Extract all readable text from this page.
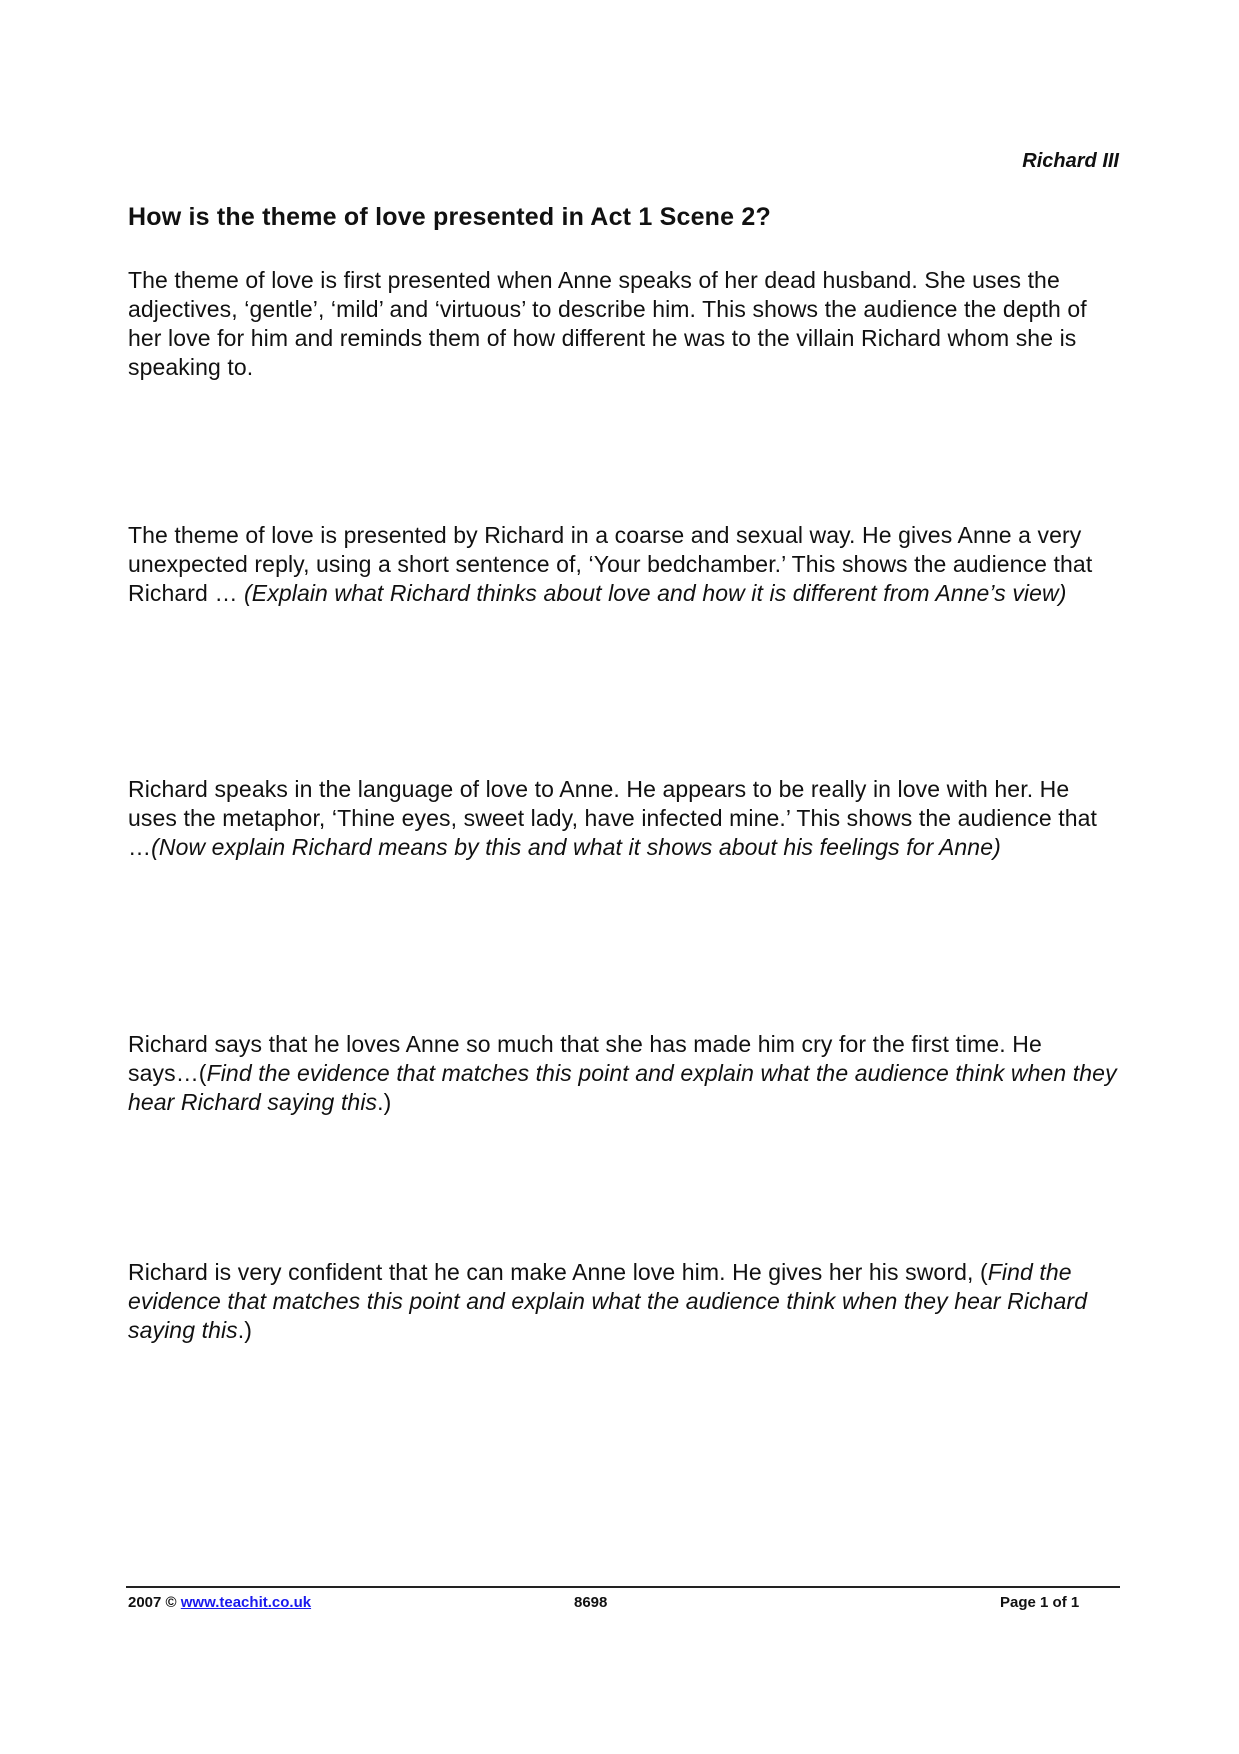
Richard III
How is the theme of love presented in Act 1 Scene 2?

The theme of love is first presented when Anne speaks of her dead husband. She uses the adjectives, ‘gentle’, ‘mild’ and ‘virtuous’ to describe him. This shows the audience the depth of her love for him and reminds them of how different he was to the villain Richard whom she is speaking to.

The theme of love is presented by Richard in a coarse and sexual way. He gives Anne a very unexpected reply, using a short sentence of, ‘Your bedchamber.’ This shows the audience that Richard … (Explain what Richard thinks about love and how it is different from Anne’s view)

Richard speaks in the language of love to Anne. He appears to be really in love with her. He uses the metaphor, ‘Thine eyes, sweet lady, have infected mine.’ This shows the audience that …(Now explain Richard means by this and what it shows about his feelings for Anne)

Richard says that he loves Anne so much that she has made him cry for the first time. He says…(Find the evidence that matches this point and explain what the audience think when they hear Richard saying this.)

Richard is very confident that he can make Anne love him. He gives her his sword, (Find the evidence that matches this point and explain what the audience think when they hear Richard saying this.)

2007 © www.teachit.co.uk	8698	Page 1 of 1
